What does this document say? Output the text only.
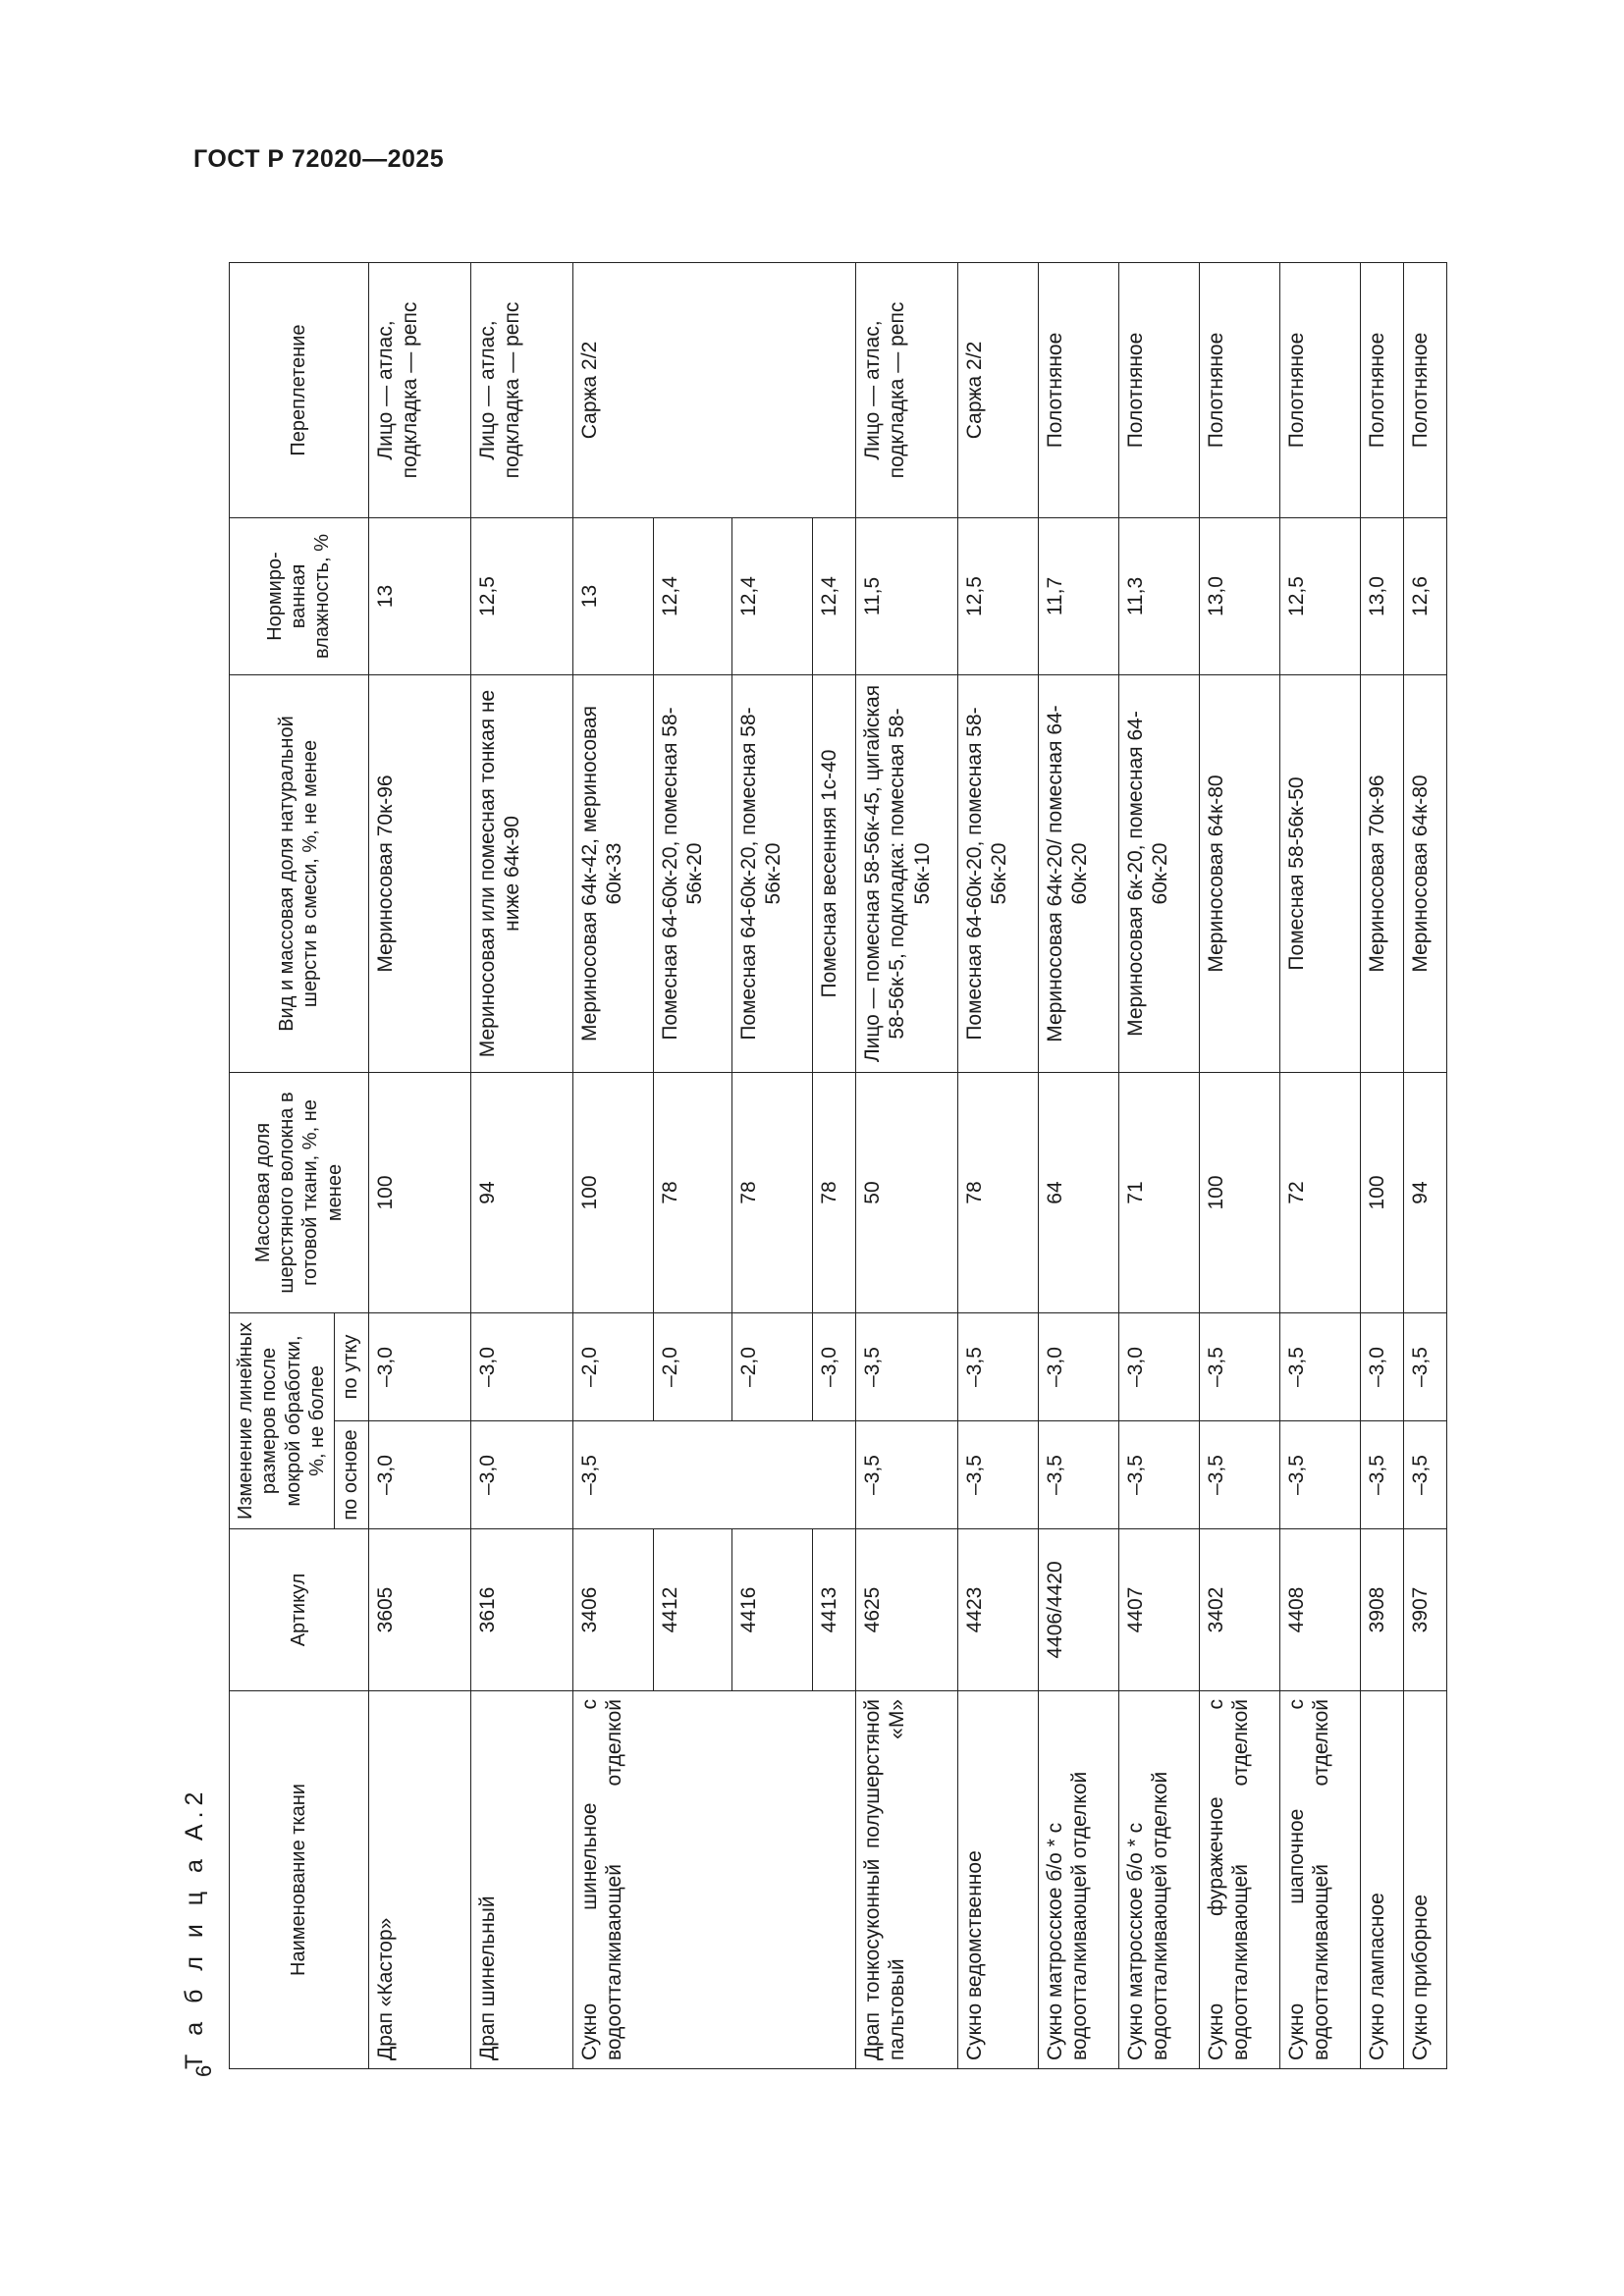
ГОСТ Р 72020—2025
6
Т а б л и ц а А.2	Наименование ткани	Артикул	Изменение линейных размеров после мокрой обработки, %, не более		Массовая доля шерстяного волокна в готовой ткани, %, не менее	Вид и массовая доля натуральной шерсти в смеси, %, не менее	Нормиро-ванная влажность, %	Переплетение
		по основе	по утку				
Драп «Кастор»	3605	–3,0	–3,0	100	Мериносовая 70к-96	13	Лицо — атлас, подкладка — репс
Драп шинельный	3616	–3,0	–3,0	94	Мериносовая или помесная тонкая не ниже 64к-90	12,5	Лицо — атлас, подкладка — репс
Сукно шинельное с водоотталкивающей отделкой	3406	–3,5	–2,0	100	Мериносовая 64к-42, мериносовая 60к-33	13	Саржа 2/2
	4412		–2,0	78	Помесная 64-60к-20, помесная 58-56к-20	12,4	
	4416		–2,0	78	Помесная 64-60к-20, помесная 58-56к-20	12,4	
	4413		–3,0	78	Помесная весенняя 1с-40	12,4	
Драп тонкосуконный полушерстяной пальтовый «М»	4625	–3,5	–3,5	50	Лицо — помесная 58-56к-45, цигайская 58-56к-5, подкладка: помесная 58-56к-10	11,5	Лицо — атлас, подкладка — репс
Сукно ведомственное	4423	–3,5	–3,5	78	Помесная 64-60к-20, помесная 58-56к-20	12,5	Саржа 2/2
Сукно матросское б/о * с водоотталкивающей отделкой	4406/4420	–3,5	–3,0	64	Мериносовая 64к-20/ помесная 64-60к-20	11,7	Полотняное
Сукно матросское б/о * с водоотталкивающей отделкой	4407	–3,5	–3,0	71	Мериносовая 6к-20, помесная 64-60к-20	11,3	Полотняное
Сукно фуражечное с водоотталкивающей отделкой	3402	–3,5	–3,5	100	Мериносовая 64к-80	13,0	Полотняное
Сукно шапочное с водоотталкивающей отделкой	4408	–3,5	–3,5	72	Помесная 58-56к-50	12,5	Полотняное
Сукно лампасное	3908	–3,5	–3,0	100	Мериносовая 70к-96	13,0	Полотняное
Сукно приборное	3907	–3,5	–3,5	94	Мериносовая 64к-80	12,6	Полотняное
